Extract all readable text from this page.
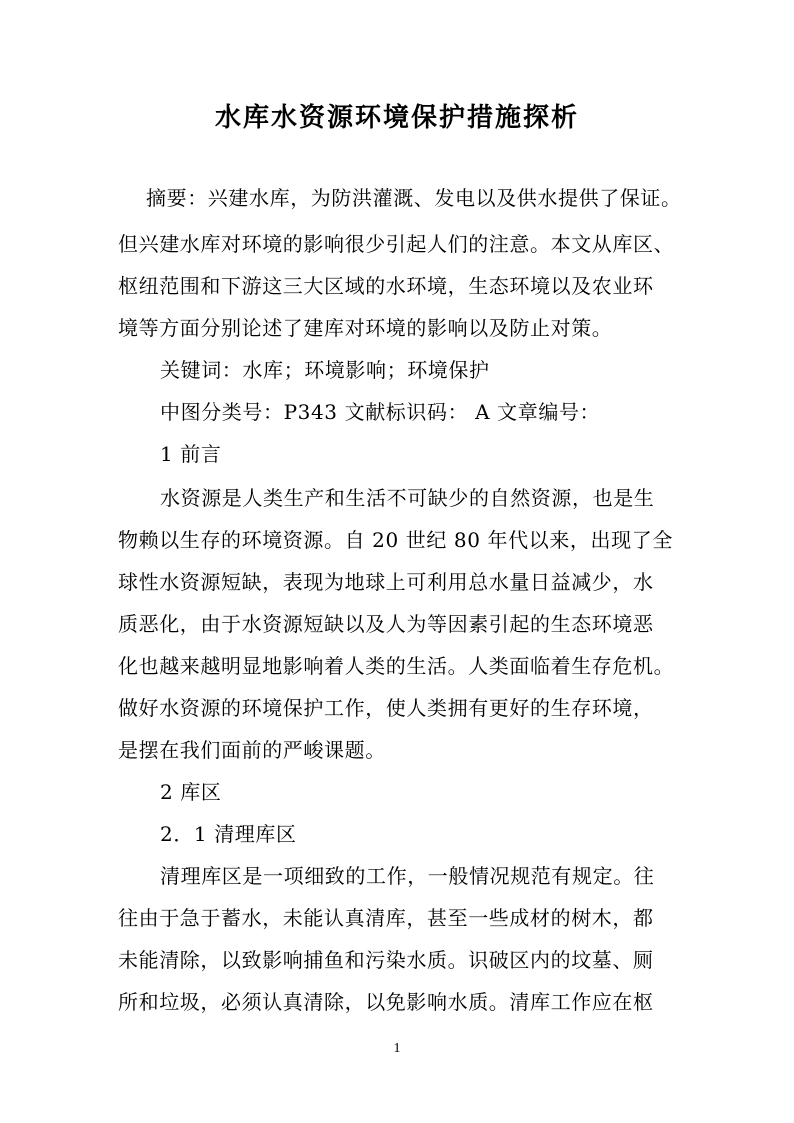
水库水资源环境保护措施探析
摘要：兴建水库，为防洪灌溉、发电以及供水提供了保证。
但兴建水库对环境的影响很少引起人们的注意。本文从库区、
枢纽范围和下游这三大区域的水环境，生态环境以及农业环
境等方面分别论述了建库对环境的影响以及防止对策。
关键词：水库；环境影响；环境保护
中图分类号：P343 文献标识码： A 文章编号：
1 前言
水资源是人类生产和生活不可缺少的自然资源，也是生
物赖以生存的环境资源。自 20 世纪 80 年代以来，出现了全
球性水资源短缺，表现为地球上可利用总水量日益减少，水
质恶化，由于水资源短缺以及人为等因素引起的生态环境恶
化也越来越明显地影响着人类的生活。人类面临着生存危机。
做好水资源的环境保护工作，使人类拥有更好的生存环境，
是摆在我们面前的严峻课题。
2 库区
2．1 清理库区
清理库区是一项细致的工作，一般情况规范有规定。往
往由于急于蓄水，未能认真清库，甚至一些成材的树木，都
未能清除，以致影响捕鱼和污染水质。识破区内的坟墓、厕
所和垃圾，必须认真清除，以免影响水质。清库工作应在枢
1
